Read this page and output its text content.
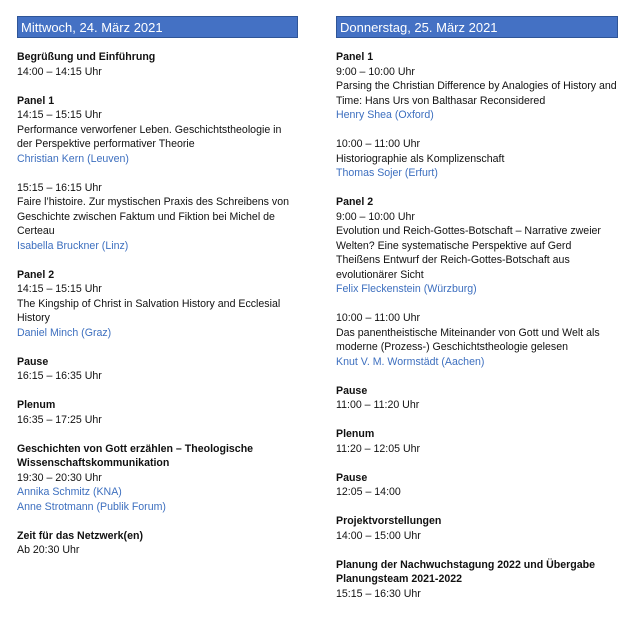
Mittwoch, 24. März 2021
Begrüßung und Einführung
14:00 – 14:15 Uhr
Panel 1
14:15 – 15:15 Uhr
Performance verworfener Leben. Geschichtstheologie in der Perspektive performativer Theorie
Christian Kern (Leuven)
15:15 – 16:15 Uhr
Faire l’histoire. Zur mystischen Praxis des Schreibens von Geschichte zwischen Faktum und Fiktion bei Michel de Certeau
Isabella Bruckner (Linz)
Panel 2
14:15 – 15:15 Uhr
The Kingship of Christ in Salvation History and Ecclesial History
Daniel Minch (Graz)
Pause
16:15 – 16:35 Uhr
Plenum
16:35 – 17:25 Uhr
Geschichten von Gott erzählen – Theologische Wissenschaftskommunikation
19:30 – 20:30 Uhr
Annika Schmitz (KNA)
Anne Strotmann (Publik Forum)
Zeit für das Netzwerk(en)
Ab 20:30 Uhr
Donnerstag, 25. März 2021
Panel 1
9:00 – 10:00 Uhr
Parsing the Christian Difference by Analogies of History and Time: Hans Urs von Balthasar Reconsidered
Henry Shea (Oxford)
10:00 – 11:00 Uhr
Historiographie als Komplizenschaft
Thomas Sojer (Erfurt)
Panel 2
9:00 – 10:00 Uhr
Evolution und Reich-Gottes-Botschaft – Narrative zweier Welten? Eine systematische Perspektive auf Gerd Theißens Entwurf der Reich-Gottes-Botschaft aus evolutionärer Sicht
Felix Fleckenstein (Würzburg)
10:00 – 11:00 Uhr
Das panentheistische Miteinander von Gott und Welt als moderne (Prozess-) Geschichtstheologie gelesen
Knut V. M. Wormstädt (Aachen)
Pause
11:00 – 11:20 Uhr
Plenum
11:20 – 12:05 Uhr
Pause
12:05 – 14:00
Projektvorstellungen
14:00 – 15:00 Uhr
Planung der Nachwuchstagung 2022 und Übergabe Planungsteam 2021-2022
15:15 – 16:30 Uhr
